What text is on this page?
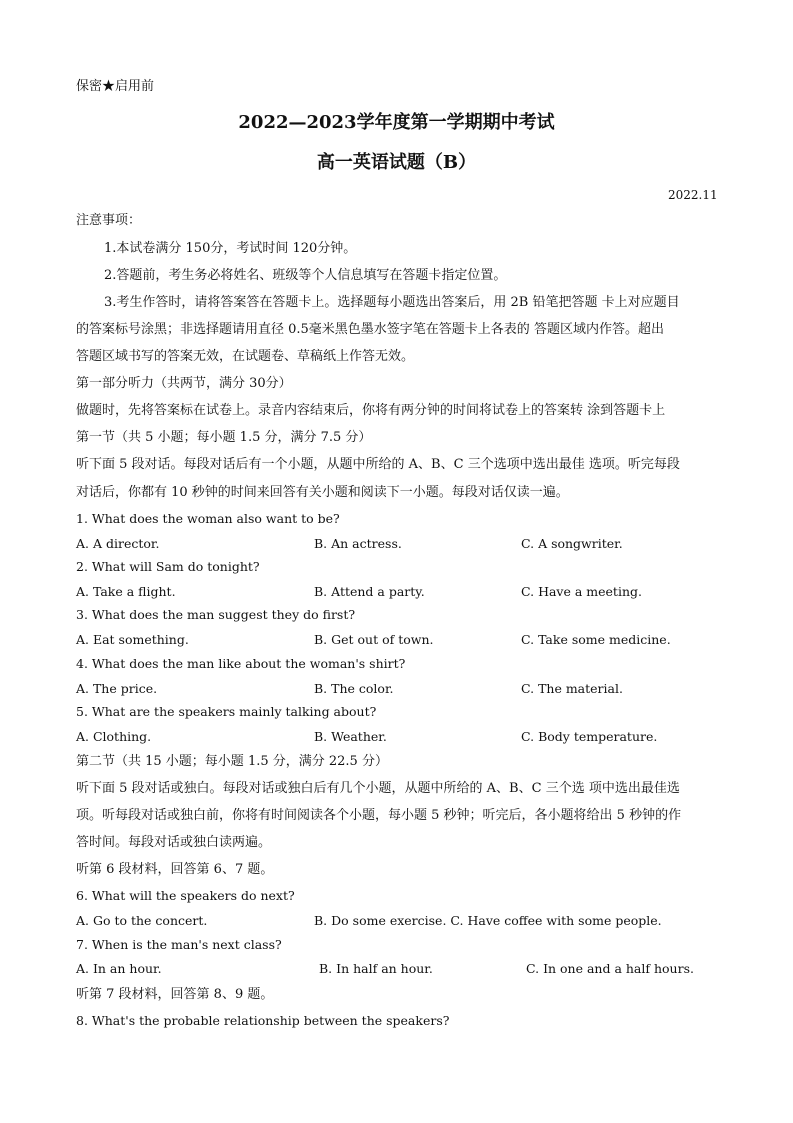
保密★启用前
2022—2023学年度第一学期期中考试
高一英语试题（B）
2022.11
注意事项：
1.本试卷满分 150分，考试时间 120分钟。
2.答题前，考生务必将姓名、班级等个人信息填写在答题卡指定位置。
3.考生作答时，请将答案答在答题卡上。选择题每小题选出答案后，用 2B 铅笔把答题 卡上对应题目
的答案标号涂黑；非选择题请用直径 0.5毫米黑色墨水签字笔在答题卡上各表的 答题区域内作答。超出
答题区域书写的答案无效，在试题卷、草稿纸上作答无效。
第一部分听力（共两节，满分 30分）
做题时，先将答案标在试卷上。录音内容结束后，你将有两分钟的时间将试卷上的答案转 涂到答题卡上
第一节（共 5 小题；每小题 1.5 分，满分 7.5 分）
听下面 5 段对话。每段对话后有一个小题，从题中所给的 A、B、C 三个选项中选出最佳 选项。听完每段
对话后，你都有 10 秒钟的时间来回答有关小题和阅读下一小题。每段对话仅读一遍。
1. What does the woman also want to be?
A. A director.	B. An actress.	C. A songwriter.
2. What will Sam do tonight?
A. Take a flight.	B. Attend a party.	C. Have a meeting.
3. What does the man suggest they do first?
A. Eat something.	B. Get out of town.	C. Take some medicine.
4. What does the man like about the woman's shirt?
A. The price.	B. The color.	C. The material.
5. What are the speakers mainly talking about?
A. Clothing.	B. Weather.	C. Body temperature.
第二节（共 15 小题；每小题 1.5 分，满分 22.5 分）
听下面 5 段对话或独白。每段对话或独白后有几个小题，从题中所给的 A、B、C 三个选 项中选出最佳选
项。听每段对话或独白前，你将有时间阅读各个小题，每小题 5 秒钟；听完后，各小题将给出 5 秒钟的作
答时间。每段对话或独白读两遍。
听第 6 段材料，回答第 6、7 题。
6. What will the speakers do next?
A. Go to the concert.	B. Do some exercise. C. Have coffee with some people.
7. When is the man's next class?
A. In an hour.	B. In half an hour.	C. In one and a half hours.
听第 7 段材料，回答第 8、9 题。
8. What's the probable relationship between the speakers?
